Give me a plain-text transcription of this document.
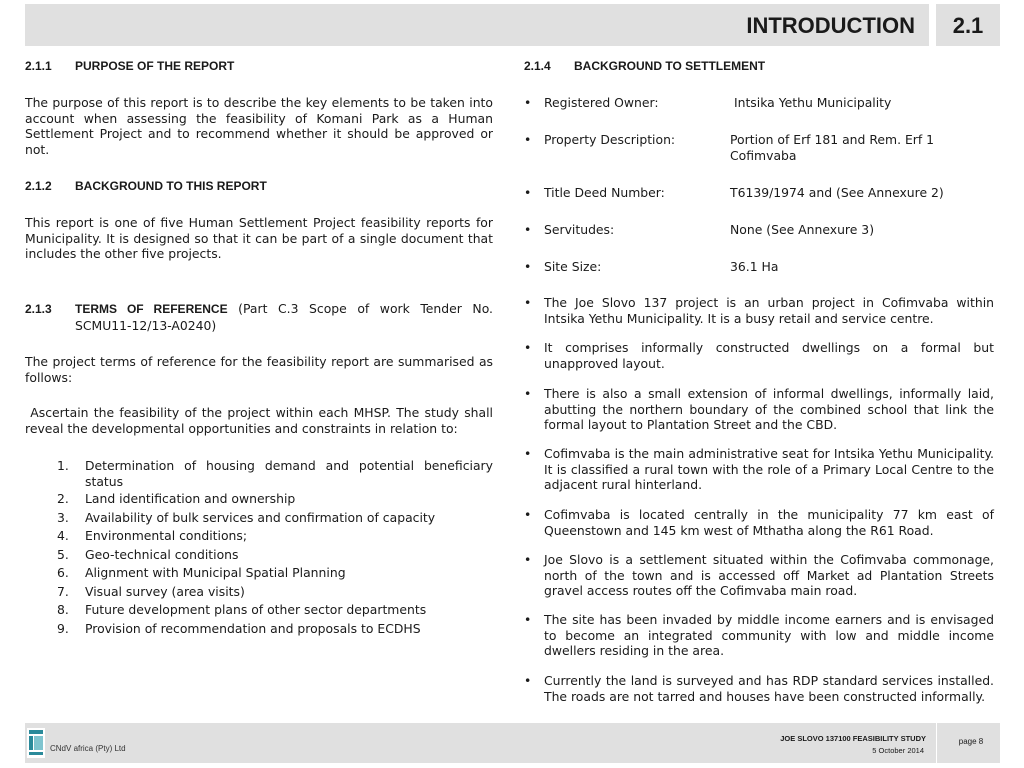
INTRODUCTION	2.1
2.1.1 PURPOSE OF THE REPORT
The purpose of this report is to describe the key elements to be taken into account when assessing the feasibility of Komani Park as a Human Settlement Project and to recommend whether it should be approved or not.
2.1.2 BACKGROUND TO THIS REPORT
This report is one of five Human Settlement Project feasibility reports for Municipality. It is designed so that it can be part of a single document that includes the other five projects.
2.1.3	TERMS OF REFERENCE (Part C.3 Scope of work Tender No. SCMU11-12/13-A0240)
The project terms of reference for the feasibility report are summarised as follows:
Ascertain the feasibility of the project within each MHSP. The study shall reveal the developmental opportunities and constraints in relation to:
1.	Determination of housing demand and potential beneficiary status
2.	Land identification and ownership
3.	Availability of bulk services and confirmation of capacity
4.	Environmental conditions;
5.	Geo-technical conditions
6.	Alignment with Municipal Spatial Planning
7.	Visual survey (area visits)
8.	Future development plans of other sector departments
9.	Provision of recommendation and proposals to ECDHS
2.1.4 BACKGROUND TO SETTLEMENT
• Registered Owner:	Intsika Yethu Municipality
• Property Description:	Portion of Erf 181 and Rem. Erf 1
Cofimvaba
• Title Deed Number:	T6139/1974 and (See Annexure 2)
• Servitudes:	None (See Annexure 3)
• Site Size:	36.1 Ha
• The Joe Slovo 137 project is an urban project in Cofimvaba within Intsika Yethu Municipality. It is a busy retail and service centre.
• It comprises informally constructed dwellings on a formal but unapproved layout.
• There is also a small extension of informal dwellings, informally laid, abutting the northern boundary of the combined school that link the formal layout to Plantation Street and the CBD.
• Cofimvaba is the main administrative seat for Intsika Yethu Municipality. It is classified a rural town with the role of a Primary Local Centre to the adjacent rural hinterland.
• Cofimvaba is located centrally in the municipality 77 km east of Queenstown and 145 km west of Mthatha along the R61 Road.
• Joe Slovo is a settlement situated within the Cofimvaba commonage, north of the town and is accessed off Market ad Plantation Streets gravel access routes off the Cofimvaba main road.
• The site has been invaded by middle income earners and is envisaged to become an integrated community with low and middle income dwellers residing in the area.
• Currently the land is surveyed and has RDP standard services installed. The roads are not tarred and houses have been constructed informally.
CNdV africa (Pty) Ltd
JOE SLOVO 137100 FEASIBILITY STUDY
5 October 2014
page 8
